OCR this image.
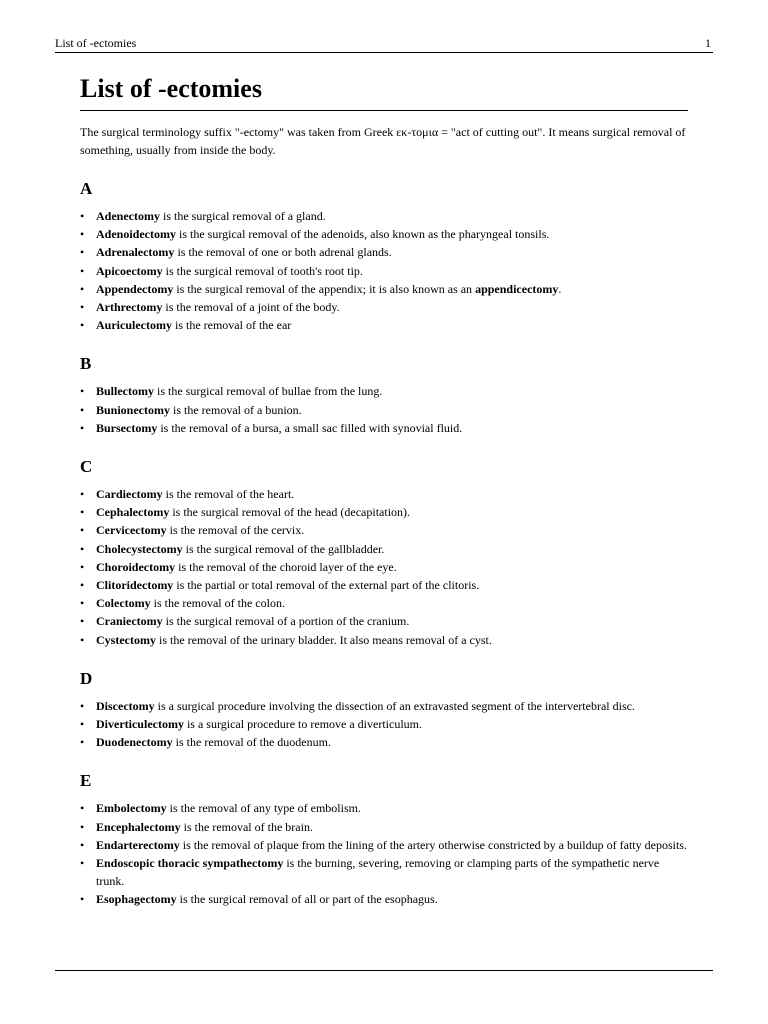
List of -ectomies	1
List of -ectomies

The surgical terminology suffix "-ectomy" was taken from Greek εκ-τομια = "act of cutting out". It means surgical removal of something, usually from inside the body.

A
• Adenectomy is the surgical removal of a gland.
• Adenoidectomy is the surgical removal of the adenoids, also known as the pharyngeal tonsils.
• Adrenalectomy is the removal of one or both adrenal glands.
• Apicoectomy is the surgical removal of tooth's root tip.
• Appendectomy is the surgical removal of the appendix; it is also known as an appendicectomy.
• Arthrectomy is the removal of a joint of the body.
• Auriculectomy is the removal of the ear
B
• Bullectomy is the surgical removal of bullae from the lung.
• Bunionectomy is the removal of a bunion.
• Bursectomy is the removal of a bursa, a small sac filled with synovial fluid.
C
• Cardiectomy is the removal of the heart.
• Cephalectomy is the surgical removal of the head (decapitation).
• Cervicectomy is the removal of the cervix.
• Cholecystectomy is the surgical removal of the gallbladder.
• Choroidectomy is the removal of the choroid layer of the eye.
• Clitoridectomy is the partial or total removal of the external part of the clitoris.
• Colectomy is the removal of the colon.
• Craniectomy is the surgical removal of a portion of the cranium.
• Cystectomy is the removal of the urinary bladder. It also means removal of a cyst.
D
• Discectomy is a surgical procedure involving the dissection of an extravasted segment of the intervertebral disc.
• Diverticulectomy is a surgical procedure to remove a diverticulum.
• Duodenectomy is the removal of the duodenum.
E
• Embolectomy is the removal of any type of embolism.
• Encephalectomy is the removal of the brain.
• Endarterectomy is the removal of plaque from the lining of the artery otherwise constricted by a buildup of fatty deposits.
• Endoscopic thoracic sympathectomy is the burning, severing, removing or clamping parts of the sympathetic nerve trunk.
• Esophagectomy is the surgical removal of all or part of the esophagus.
